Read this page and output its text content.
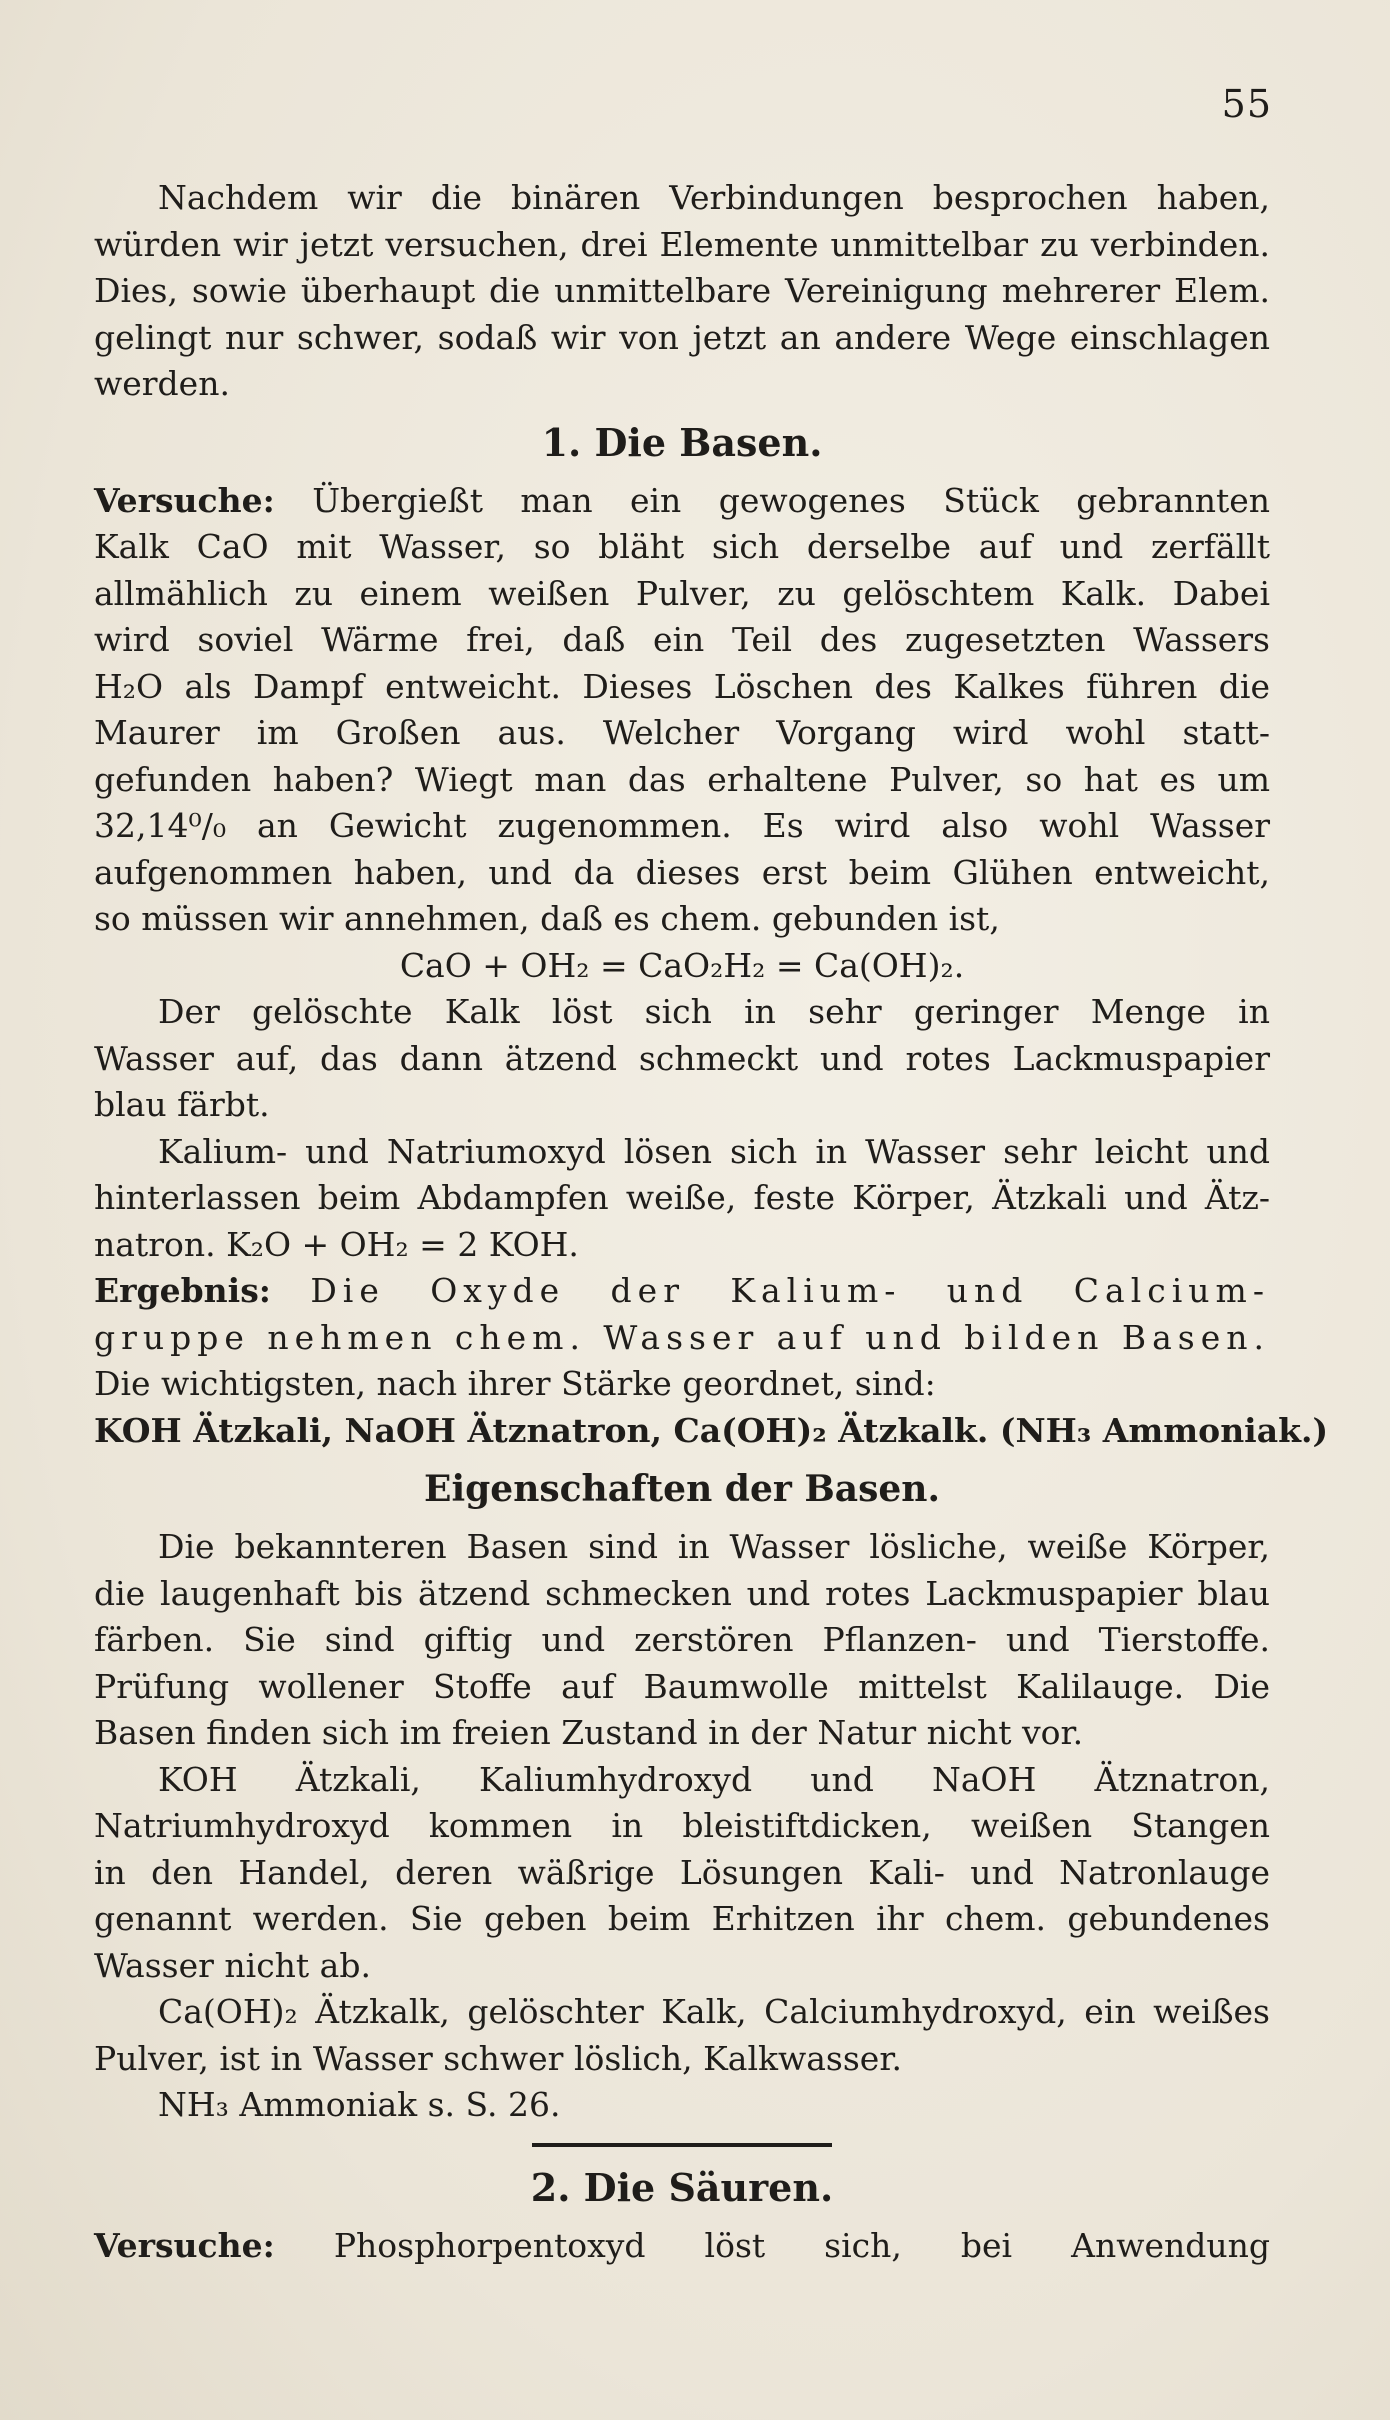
55
Nachdem wir die binären Verbindungen besprochen haben,
würden wir jetzt versuchen, drei Elemente unmittelbar zu verbinden.
Dies, sowie überhaupt die unmittelbare Vereinigung mehrerer Elem.
gelingt nur schwer, sodaß wir von jetzt an andere Wege einschlagen
werden.
1. Die Basen.
Versuche: Übergießt man ein gewogenes Stück gebrannten
Kalk CaO mit Wasser, so bläht sich derselbe auf und zerfällt
allmählich zu einem weißen Pulver, zu gelöschtem Kalk. Dabei
wird soviel Wärme frei, daß ein Teil des zugesetzten Wassers
H₂O als Dampf entweicht. Dieses Löschen des Kalkes führen die
Maurer im Großen aus. Welcher Vorgang wird wohl statt-
gefunden haben? Wiegt man das erhaltene Pulver, so hat es um
32,14⁰/₀ an Gewicht zugenommen. Es wird also wohl Wasser
aufgenommen haben, und da dieses erst beim Glühen entweicht,
so müssen wir annehmen, daß es chem. gebunden ist,
CaO + OH₂ = CaO₂H₂ = Ca(OH)₂.
Der gelöschte Kalk löst sich in sehr geringer Menge in
Wasser auf, das dann ätzend schmeckt und rotes Lackmuspapier
blau färbt.
Kalium- und Natriumoxyd lösen sich in Wasser sehr leicht und
hinterlassen beim Abdampfen weiße, feste Körper, Ätzkali und Ätz-
natron. K₂O + OH₂ = 2 KOH.
Ergebnis: Die Oxyde der Kalium- und Calcium-
gruppe nehmen chem. Wasser auf und bilden Basen.
Die wichtigsten, nach ihrer Stärke geordnet, sind:
KOH Ätzkali, NaOH Ätznatron, Ca(OH)₂ Ätzkalk. (NH₃ Ammoniak.)
Eigenschaften der Basen.
Die bekannteren Basen sind in Wasser lösliche, weiße Körper,
die laugenhaft bis ätzend schmecken und rotes Lackmuspapier blau
färben. Sie sind giftig und zerstören Pflanzen- und Tierstoffe.
Prüfung wollener Stoffe auf Baumwolle mittelst Kalilauge. Die
Basen finden sich im freien Zustand in der Natur nicht vor.
KOH Ätzkali, Kaliumhydroxyd und NaOH Ätznatron,
Natriumhydroxyd kommen in bleistiftdicken, weißen Stangen
in den Handel, deren wäßrige Lösungen Kali- und Natronlauge
genannt werden. Sie geben beim Erhitzen ihr chem. gebundenes
Wasser nicht ab.
Ca(OH)₂ Ätzkalk, gelöschter Kalk, Calciumhydroxyd, ein weißes
Pulver, ist in Wasser schwer löslich, Kalkwasser.
NH₃ Ammoniak s. S. 26.
2. Die Säuren.
Versuche: Phosphorpentoxyd löst sich, bei Anwendung
